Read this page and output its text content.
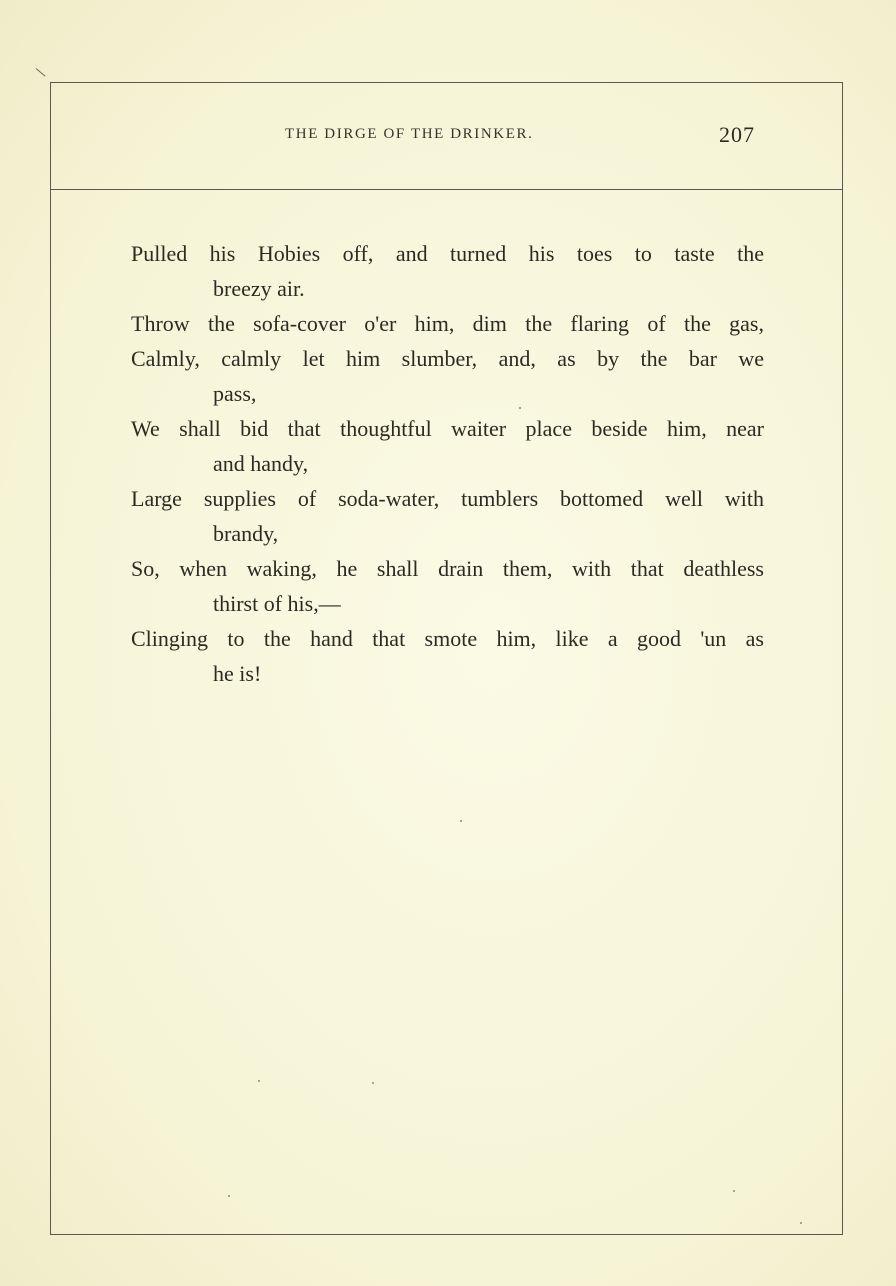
THE DIRGE OF THE DRINKER.	207

Pulled his Hobies off, and turned his toes to taste the

breezy air.

Throw the sofa-cover o'er him, dim the flaring of the gas,

Calmly, calmly let him slumber, and, as by the bar we

pass,

We shall bid that thoughtful waiter place beside him, near

and handy,

Large supplies of soda-water, tumblers bottomed well with

brandy,

So, when waking, he shall drain them, with that deathless

thirst of his,—

Clinging to the hand that smote him, like a good 'un as

he is!
